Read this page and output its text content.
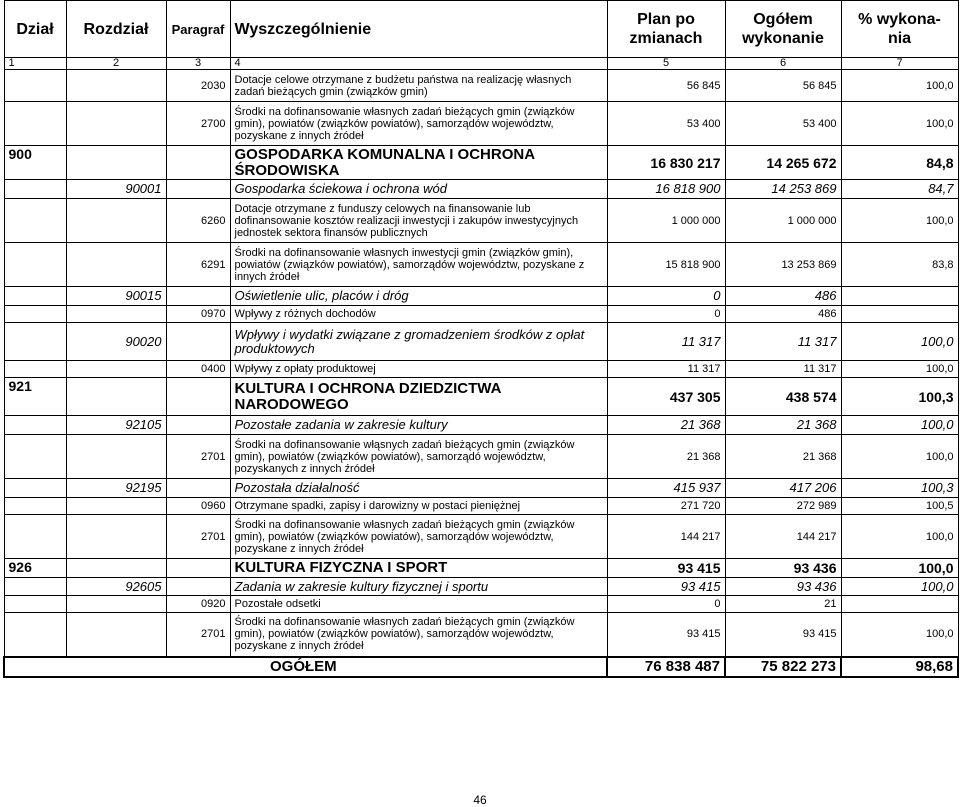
Dział	Rozdział	Paragraf	Wyszczególnienie	Plan po zmianach	Ogółem wykonanie	% wykona- nia
1	2	3	4	5	6	7
		2030	Dotacje celowe otrzymane z budżetu państwa na realizację własnych zadań bieżących gmin (związków gmin)	56 845	56 845	100,0
		2700	Środki na dofinansowanie własnych zadań bieżących gmin (związków gmin), powiatów (związków powiatów), samorządów województw, pozyskane z innych źródeł	53 400	53 400	100,0
900			GOSPODARKA KOMUNALNA I OCHRONA ŚRODOWISKA	16 830 217	14 265 672	84,8
	90001		Gospodarka ściekowa i ochrona wód	16 818 900	14 253 869	84,7
		6260	Dotacje otrzymane z funduszy celowych na finansowanie lub dofinansowanie kosztów realizacji inwestycji i zakupów inwestycyjnych jednostek sektora finansów publicznych	1 000 000	1 000 000	100,0
		6291	Środki na dofinansowanie własnych inwestycji gmin (związków gmin), powiatów (związków powiatów), samorządów województw, pozyskane z innych źródeł	15 818 900	13 253 869	83,8
	90015		Oświetlenie ulic, placów i dróg	0	486	
		0970	Wpływy z różnych dochodów	0	486	
	90020		Wpływy i wydatki związane z gromadzeniem środków z opłat produktowych	11 317	11 317	100,0
		0400	Wpływy z opłaty produktowej	11 317	11 317	100,0
921			KULTURA I OCHRONA DZIEDZICTWA NARODOWEGO	437 305	438 574	100,3
	92105		Pozostałe zadania w zakresie kultury	21 368	21 368	100,0
		2701	Środki na dofinansowanie włąsnych zadań bieżących gmin (związków gmin), powiatów (związków powiatów), samorządó województw, pozyskanych z innych źródeł	21 368	21 368	100,0
	92195		Pozostała działalność	415 937	417 206	100,3
		0960	Otrzymane spadki, zapisy i darowizny w postaci pieniężnej	271 720	272 989	100,5
		2701	Środki na dofinansowanie własnych zadań bieżących gmin (związków gmin), powiatów (związków powiatów), samorządów województw, pozyskane z innych źródeł	144 217	144 217	100,0
926			KULTURA FIZYCZNA I SPORT	93 415	93 436	100,0
	92605		Zadania w zakresie kultury fizycznej i sportu	93 415	93 436	100,0
		0920	Pozostałe odsetki	0	21	
		2701	Środki na dofinansowanie własnych zadań bieżących gmin (związków gmin), powiatów (związków powiatów), samorządów województw, pozyskane z innych źródeł	93 415	93 415	100,0
OGÓŁEM				76 838 487	75 822 273	98,68
46
